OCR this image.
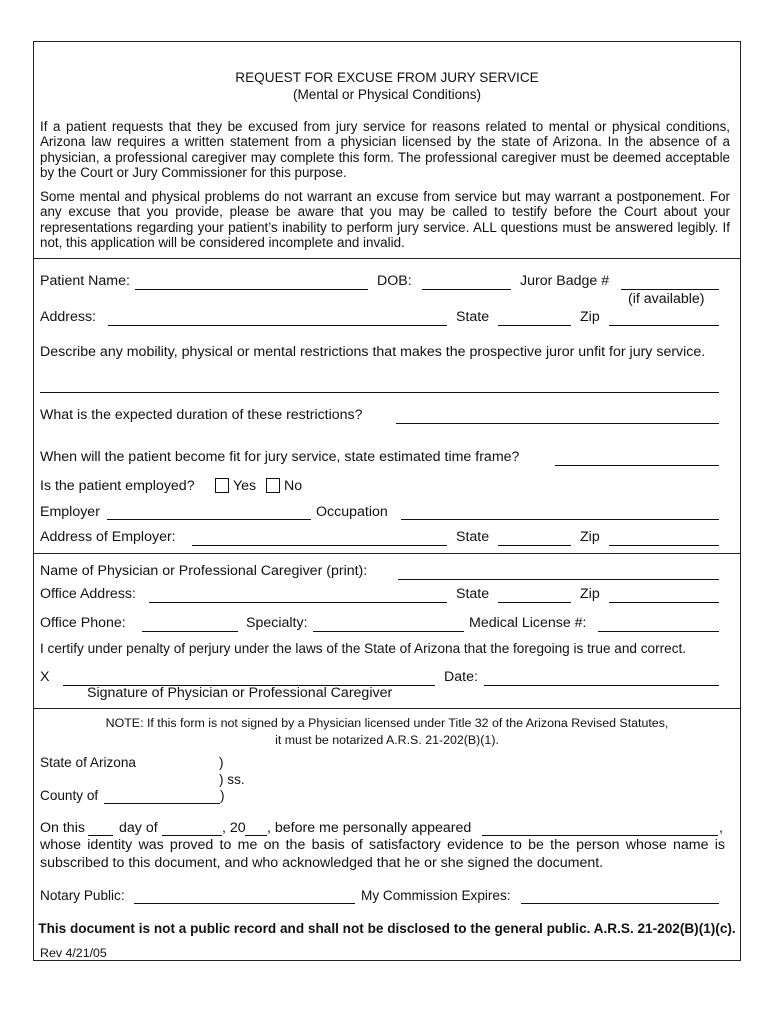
REQUEST FOR EXCUSE FROM JURY SERVICE
(Mental or Physical Conditions)
If a patient requests that they be excused from jury service for reasons related to mental or physical conditions, Arizona law requires a written statement from a physician licensed by the state of Arizona. In the absence of a physician, a professional caregiver may complete this form. The professional caregiver must be deemed acceptable by the Court or Jury Commissioner for this purpose.
Some mental and physical problems do not warrant an excuse from service but may warrant a postponement. For any excuse that you provide, please be aware that you may be called to testify before the Court about your representations regarding your patient’s inability to perform jury service. ALL questions must be answered legibly. If not, this application will be considered incomplete and invalid.
Patient Name:	DOB:	Juror Badge #
(if available)
Address:	State	Zip
Describe any mobility, physical or mental restrictions that makes the prospective juror unfit for jury service.
What is the expected duration of these restrictions?
When will the patient become fit for jury service, state estimated time frame?
Is the patient employed?	Yes No
Employer	Occupation
Address of Employer:	State	Zip
Name of Physician or Professional Caregiver (print):
Office Address:	State	Zip
Office Phone:	Specialty:	Medical License #:
I certify under penalty of perjury under the laws of the State of Arizona that the foregoing is true and correct.
X	Date:
Signature of Physician or Professional Caregiver
NOTE: If this form is not signed by a Physician licensed under Title 32 of the Arizona Revised Statutes,
it must be notarized A.R.S. 21-202(B)(1).
State of Arizona	)
) ss.
County of	)
On this day of	, 20 , before me personally appeared	,
whose identity was proved to me on the basis of satisfactory evidence to be the person whose name is subscribed to this document, and who acknowledged that he or she signed the document.
Notary Public:	My Commission Expires:
This document is not a public record and shall not be disclosed to the general public. A.R.S. 21-202(B)(1)(c).
Rev 4/21/05
